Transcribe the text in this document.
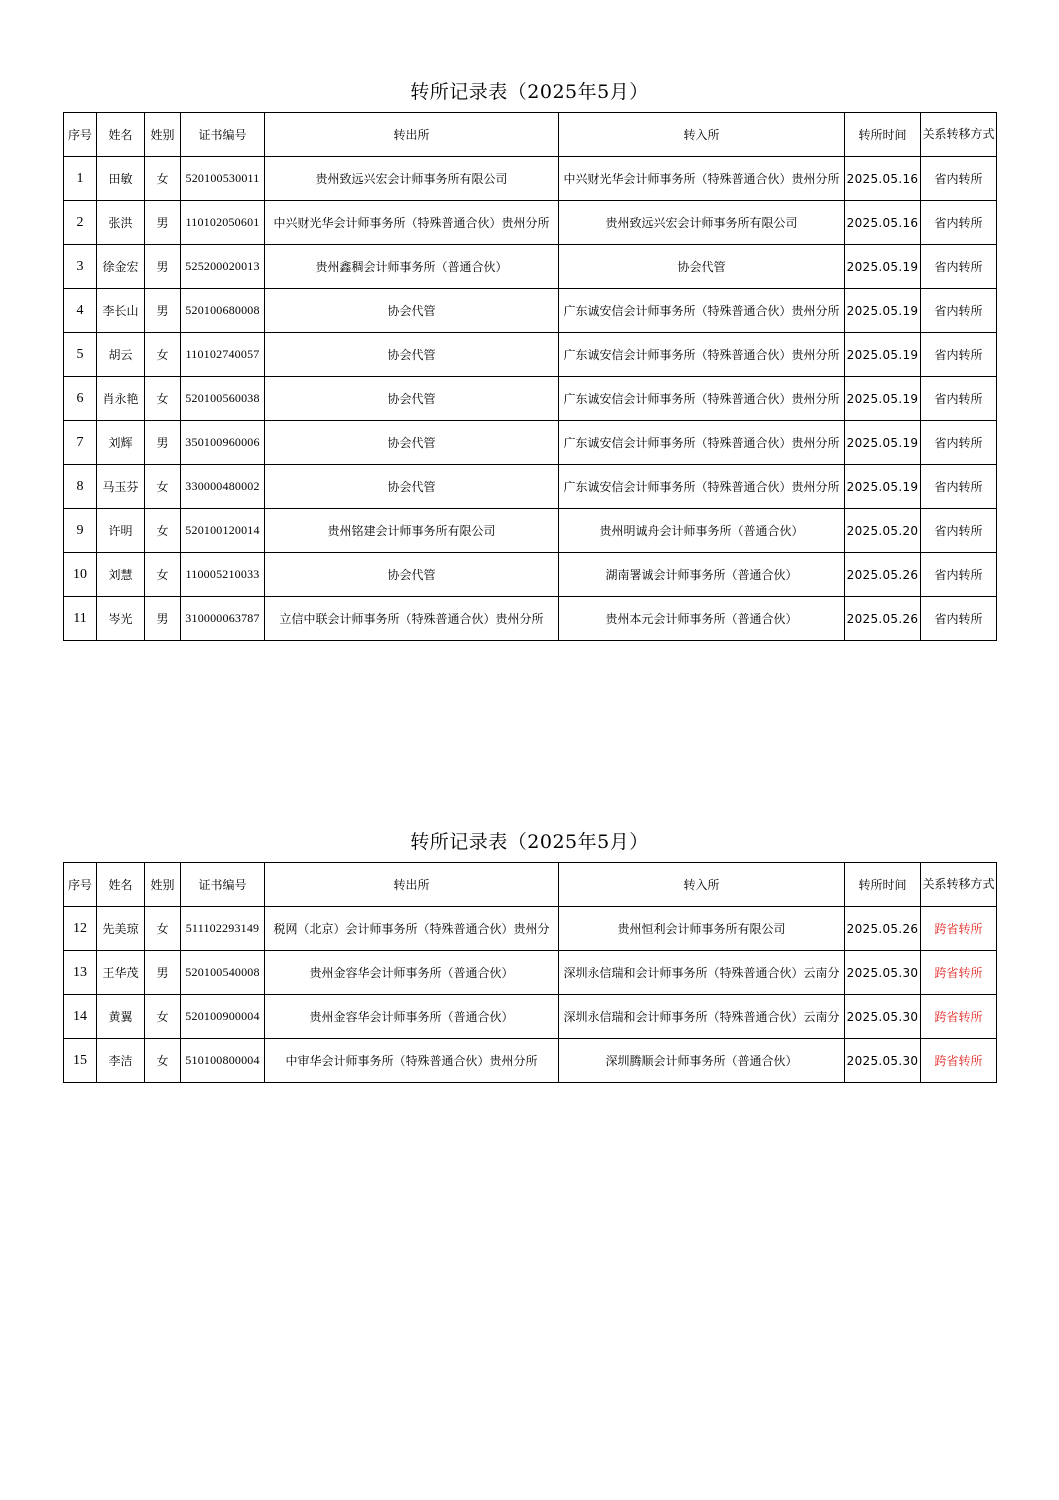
转所记录表（2025年5月）
序号	姓名	姓别	证书编号	转出所	转入所	转所时间	关系转移方式
1	田敏	女	520100530011	贵州致远兴宏会计师事务所有限公司	中兴财光华会计师事务所（特殊普通合伙）贵州分所	2025.05.16	省内转所
2	张洪	男	110102050601	中兴财光华会计师事务所（特殊普通合伙）贵州分所	贵州致远兴宏会计师事务所有限公司	2025.05.16	省内转所
3	徐金宏	男	525200020013	贵州鑫稠会计师事务所（普通合伙）	协会代管	2025.05.19	省内转所
4	李长山	男	520100680008	协会代管	广东诚安信会计师事务所（特殊普通合伙）贵州分所	2025.05.19	省内转所
5	胡云	女	110102740057	协会代管	广东诚安信会计师事务所（特殊普通合伙）贵州分所	2025.05.19	省内转所
6	肖永艳	女	520100560038	协会代管	广东诚安信会计师事务所（特殊普通合伙）贵州分所	2025.05.19	省内转所
7	刘辉	男	350100960006	协会代管	广东诚安信会计师事务所（特殊普通合伙）贵州分所	2025.05.19	省内转所
8	马玉芬	女	330000480002	协会代管	广东诚安信会计师事务所（特殊普通合伙）贵州分所	2025.05.19	省内转所
9	许明	女	520100120014	贵州铭建会计师事务所有限公司	贵州明诚舟会计师事务所（普通合伙）	2025.05.20	省内转所
10	刘慧	女	110005210033	协会代管	湖南署诚会计师事务所（普通合伙）	2025.05.26	省内转所
11	岑光	男	310000063787	立信中联会计师事务所（特殊普通合伙）贵州分所	贵州本元会计师事务所（普通合伙）	2025.05.26	省内转所
转所记录表（2025年5月）
序号	姓名	姓别	证书编号	转出所	转入所	转所时间	关系转移方式
12	先美琼	女	511102293149	税网（北京）会计师事务所（特殊普通合伙）贵州分	贵州恒利会计师事务所有限公司	2025.05.26	跨省转所
13	王华茂	男	520100540008	贵州金容华会计师事务所（普通合伙）	深圳永信瑞和会计师事务所（特殊普通合伙）云南分	2025.05.30	跨省转所
14	黄翼	女	520100900004	贵州金容华会计师事务所（普通合伙）	深圳永信瑞和会计师事务所（特殊普通合伙）云南分	2025.05.30	跨省转所
15	李洁	女	510100800004	中审华会计师事务所（特殊普通合伙）贵州分所	深圳腾顺会计师事务所（普通合伙）	2025.05.30	跨省转所
